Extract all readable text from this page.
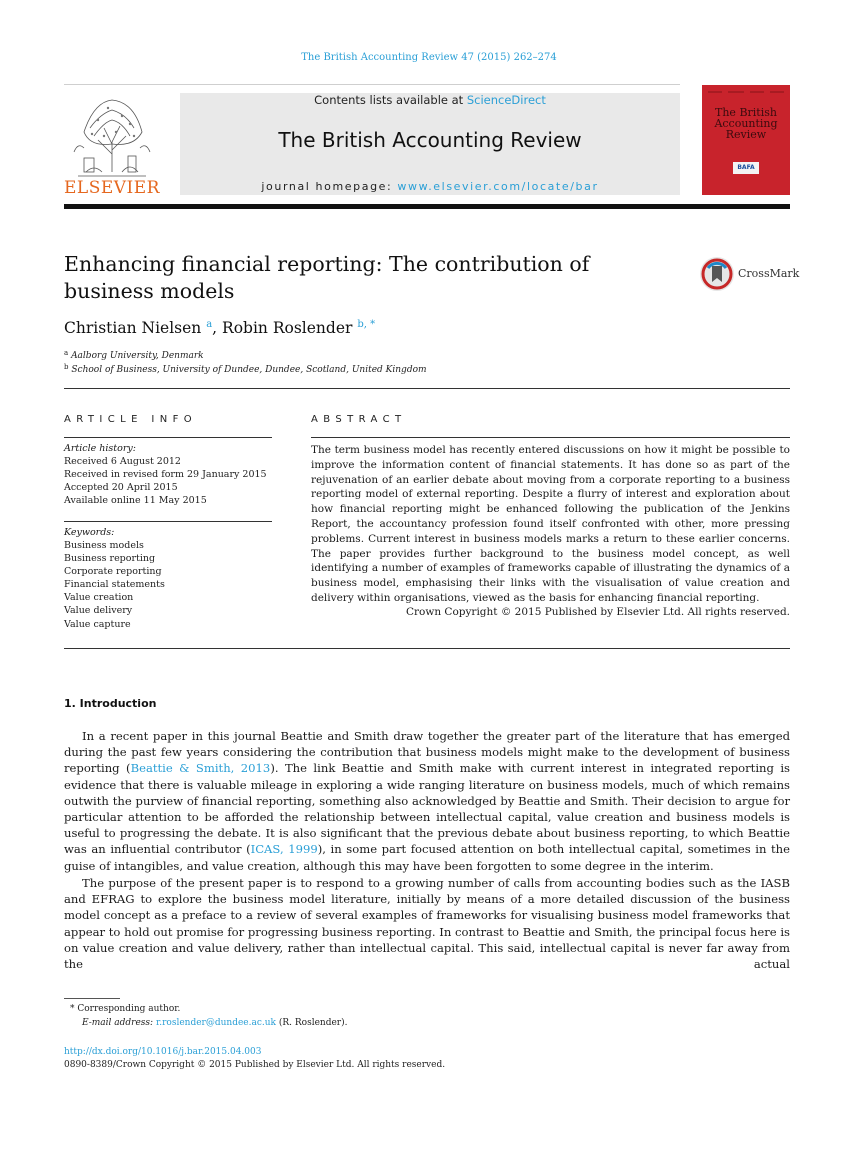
The British Accounting Review 47 (2015) 262–274
ELSEVIER
Contents lists available at ScienceDirect
The British Accounting Review
journal homepage: www.elsevier.com/locate/bar
The British Accounting Review
BAFA
Enhancing financial reporting: The contribution of business models
CrossMark
Christian Nielsen $^a$, Robin Roslender $^{b, *}$
$^a$ Aalborg University, Denmark
$^b$ School of Business, University of Dundee, Dundee, Scotland, United Kingdom
ARTICLE INFO
Article history:
Received 6 August 2012
Received in revised form 29 January 2015
Accepted 20 April 2015
Available online 11 May 2015
Keywords:
Business models
Business reporting
Corporate reporting
Financial statements
Value creation
Value delivery
Value capture
ABSTRACT
The term business model has recently entered discussions on how it might be possible to improve the information content of financial statements. It has done so as part of the rejuvenation of an earlier debate about moving from a corporate reporting to a business reporting model of external reporting. Despite a flurry of interest and exploration about how financial reporting might be enhanced following the publication of the Jenkins Report, the accountancy profession found itself confronted with other, more pressing problems. Current interest in business models marks a return to these earlier concerns. The paper provides further background to the business model concept, as well identifying a number of examples of frameworks capable of illustrating the dynamics of a business model, emphasising their links with the visualisation of value creation and delivery within organisations, viewed as the basis for enhancing financial reporting.
Crown Copyright © 2015 Published by Elsevier Ltd. All rights reserved.
1. Introduction
In a recent paper in this journal Beattie and Smith draw together the greater part of the literature that has emerged during the past few years considering the contribution that business models might make to the development of business reporting (Beattie & Smith, 2013). The link Beattie and Smith make with current interest in integrated reporting is evidence that there is valuable mileage in exploring a wide ranging literature on business models, much of which remains outwith the purview of financial reporting, something also acknowledged by Beattie and Smith. Their decision to argue for particular attention to be afforded the relationship between intellectual capital, value creation and business models is useful to progressing the debate. It is also significant that the previous debate about business reporting, to which Beattie was an influential contributor (ICAS, 1999), in some part focused attention on both intellectual capital, sometimes in the guise of intangibles, and value creation, although this may have been forgotten to some degree in the interim.
The purpose of the present paper is to respond to a growing number of calls from accounting bodies such as the IASB and EFRAG to explore the business model literature, initially by means of a more detailed discussion of the business model concept as a preface to a review of several examples of frameworks for visualising business model frameworks that appear to hold out promise for progressing business reporting. In contrast to Beattie and Smith, the principal focus here is on value creation and value delivery, rather than intellectual capital. This said, intellectual capital is never far away from the actual
* Corresponding author.
E-mail address: r.roslender@dundee.ac.uk (R. Roslender).
http://dx.doi.org/10.1016/j.bar.2015.04.003
0890-8389/Crown Copyright © 2015 Published by Elsevier Ltd. All rights reserved.
